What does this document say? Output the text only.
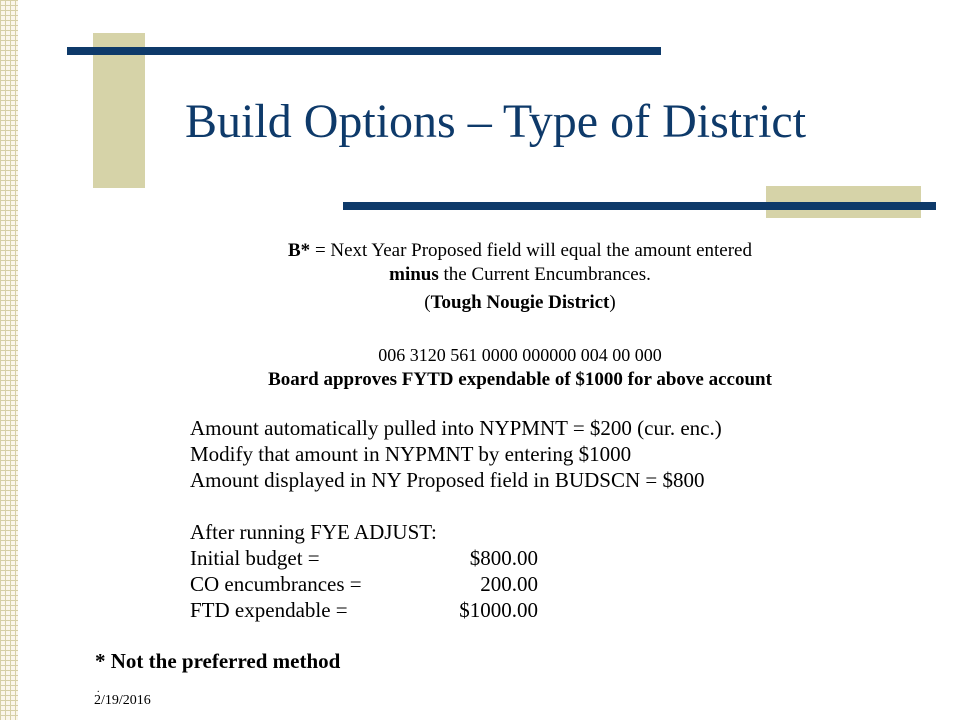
Build Options – Type of District
B* = Next Year Proposed field will equal the amount entered
minus the Current Encumbrances.
(Tough Nougie District)
006 3120 561 0000 000000 004 00 000
Board approves FYTD expendable of $1000 for above account
Amount automatically pulled into NYPMNT = $200 (cur. enc.)
Modify that amount in NYPMNT by entering $1000
Amount displayed in NY Proposed field in BUDSCN = $800
After running FYE ADJUST:
Initial budget =	$800.00
CO encumbrances =	200.00
FTD expendable =	$1000.00
* Not the preferred method
.
2/19/2016
